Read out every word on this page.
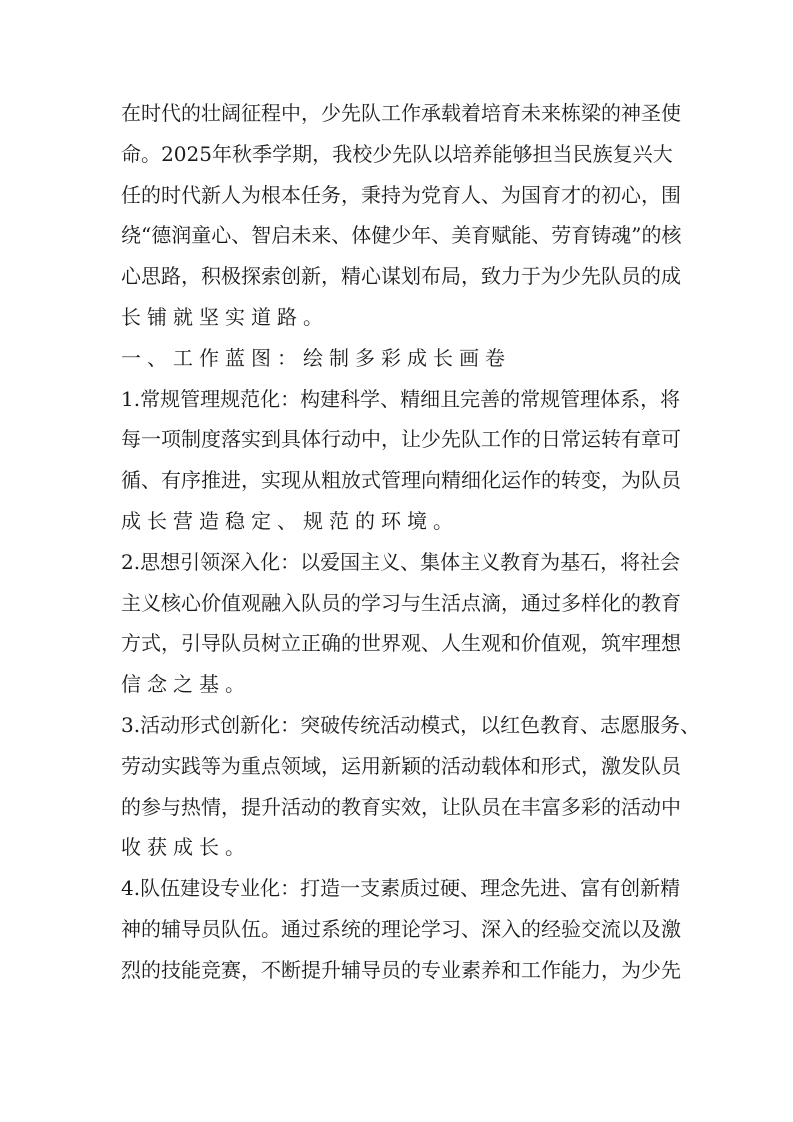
在 时 代 的 壮 阔 征 程 中 ， 少 先 队 工 作 承 载 着 培 育 未 来 栋 梁 的 神 圣 使
命 。 2025 年 秋 季 学 期 ， 我 校 少 先 队 以 培 养 能 够 担 当 民 族 复 兴 大
任 的 时 代 新 人 为 根 本 任 务 ， 秉 持 为 党 育 人 、 为 国 育 才 的 初 心 ， 围
绕 “ 德 润 童 心 、 智 启 未 来 、 体 健 少 年 、 美 育 赋 能 、 劳 育 铸 魂 ” 的 核
心 思 路 ， 积 极 探 索 创 新 ， 精 心 谋 划 布 局 ， 致 力 于 为 少 先 队 员 的 成
长铺就坚实道路。
一、工作蓝图：绘制多彩成长画卷
1. 常 规 管 理 规 范 化 ： 构 建 科 学 、 精 细 且 完 善 的 常 规 管 理 体 系 ， 将
每 一 项 制 度 落 实 到 具 体 行 动 中 ， 让 少 先 队 工 作 的 日 常 运 转 有 章 可
循 、 有 序 推 进 ， 实 现 从 粗 放 式 管 理 向 精 细 化 运 作 的 转 变 ， 为 队 员
成长营造稳定、规范的环境。
2. 思 想 引 领 深 入 化 ： 以 爱 国 主 义 、 集 体 主 义 教 育 为 基 石 ， 将 社 会
主 义 核 心 价 值 观 融 入 队 员 的 学 习 与 生 活 点 滴 ， 通 过 多 样 化 的 教 育
方 式 ， 引 导 队 员 树 立 正 确 的 世 界 观 、 人 生 观 和 价 值 观 ， 筑 牢 理 想
信念之基。
3. 活 动 形 式 创 新 化 ： 突 破 传 统 活 动 模 式 ， 以 红 色 教 育 、 志 愿 服 务 、
劳 动 实 践 等 为 重 点 领 域 ， 运 用 新 颖 的 活 动 载 体 和 形 式 ， 激 发 队 员
的 参 与 热 情 ， 提 升 活 动 的 教 育 实 效 ， 让 队 员 在 丰 富 多 彩 的 活 动 中
收获成长。
4. 队 伍 建 设 专 业 化 ： 打 造 一 支 素 质 过 硬 、 理 念 先 进 、 富 有 创 新 精
神 的 辅 导 员 队 伍 。 通 过 系 统 的 理 论 学 习 、 深 入 的 经 验 交 流 以 及 激
烈 的 技 能 竞 赛 ， 不 断 提 升 辅 导 员 的 专 业 素 养 和 工 作 能 力 ， 为 少 先
